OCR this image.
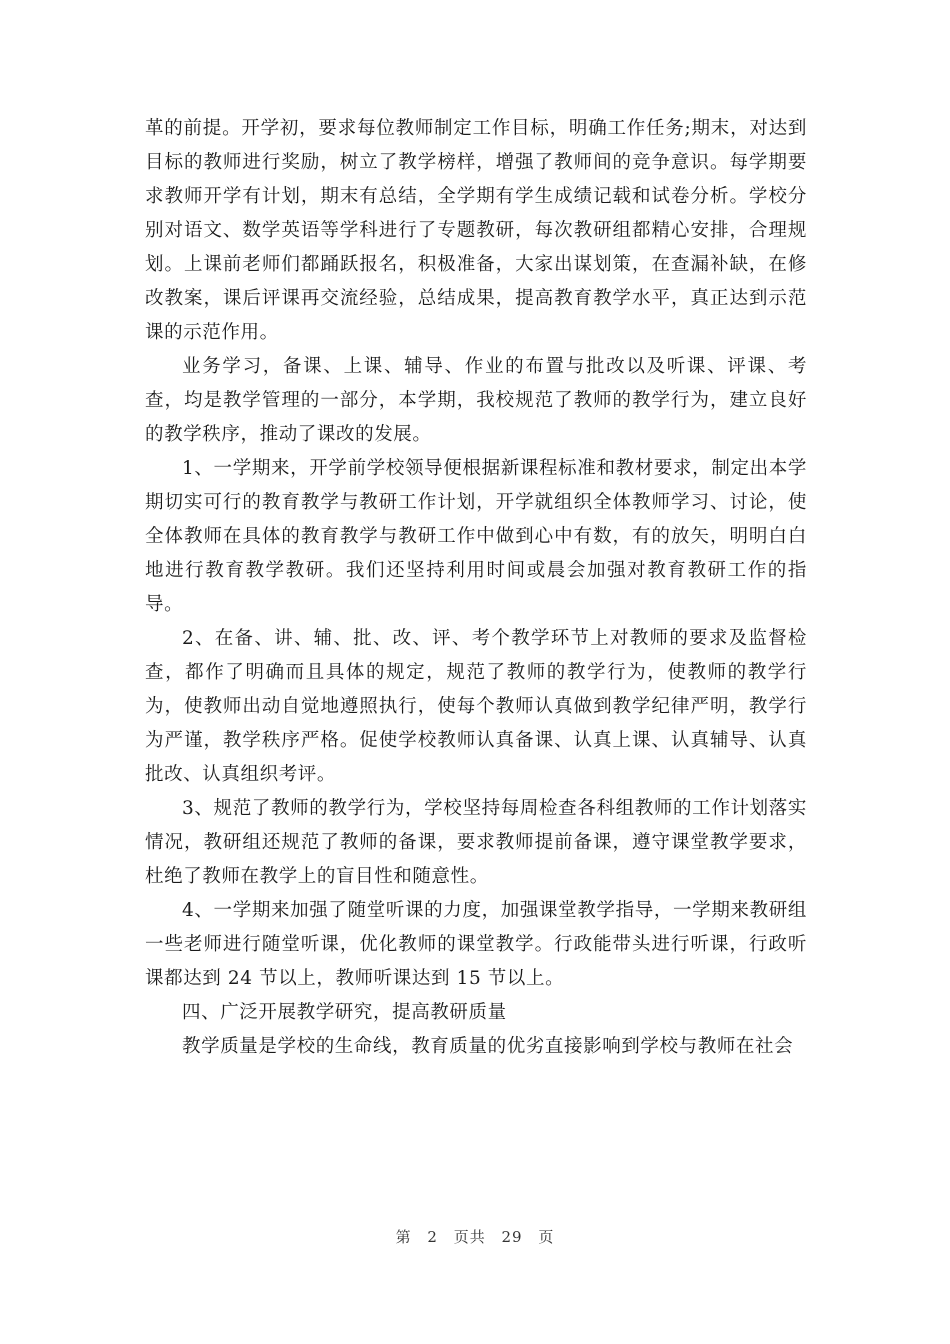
革的前提。开学初，要求每位教师制定工作目标，明确工作任务;期末，对达到目标的教师进行奖励，树立了教学榜样，增强了教师间的竞争意识。每学期要求教师开学有计划，期末有总结，全学期有学生成绩记载和试卷分析。学校分别对语文、数学英语等学科进行了专题教研，每次教研组都精心安排，合理规划。上课前老师们都踊跃报名，积极准备，大家出谋划策，在查漏补缺，在修改教案，课后评课再交流经验，总结成果，提高教育教学水平，真正达到示范课的示范作用。

业务学习，备课、上课、辅导、作业的布置与批改以及听课、评课、考查，均是教学管理的一部分，本学期，我校规范了教师的教学行为，建立良好的教学秩序，推动了课改的发展。

1、一学期来，开学前学校领导便根据新课程标准和教材要求，制定出本学期切实可行的教育教学与教研工作计划，开学就组织全体教师学习、讨论，使全体教师在具体的教育教学与教研工作中做到心中有数，有的放矢，明明白白地进行教育教学教研。我们还坚持利用时间或晨会加强对教育教研工作的指导。

2、在备、讲、辅、批、改、评、考个教学环节上对教师的要求及监督检查，都作了明确而且具体的规定，规范了教师的教学行为，使教师的教学行为，使教师出动自觉地遵照执行，使每个教师认真做到教学纪律严明，教学行为严谨，教学秩序严格。促使学校教师认真备课、认真上课、认真辅导、认真批改、认真组织考评。

3、规范了教师的教学行为，学校坚持每周检查各科组教师的工作计划落实情况，教研组还规范了教师的备课，要求教师提前备课，遵守课堂教学要求，杜绝了教师在教学上的盲目性和随意性。

4、一学期来加强了随堂听课的力度，加强课堂教学指导，一学期来教研组一些老师进行随堂听课，优化教师的课堂教学。行政能带头进行听课，行政听课都达到 24 节以上，教师听课达到 15 节以上。

四、广泛开展教学研究，提高教研质量

教学质量是学校的生命线，教育质量的优劣直接影响到学校与教师在社会

第 2 页共 29 页
